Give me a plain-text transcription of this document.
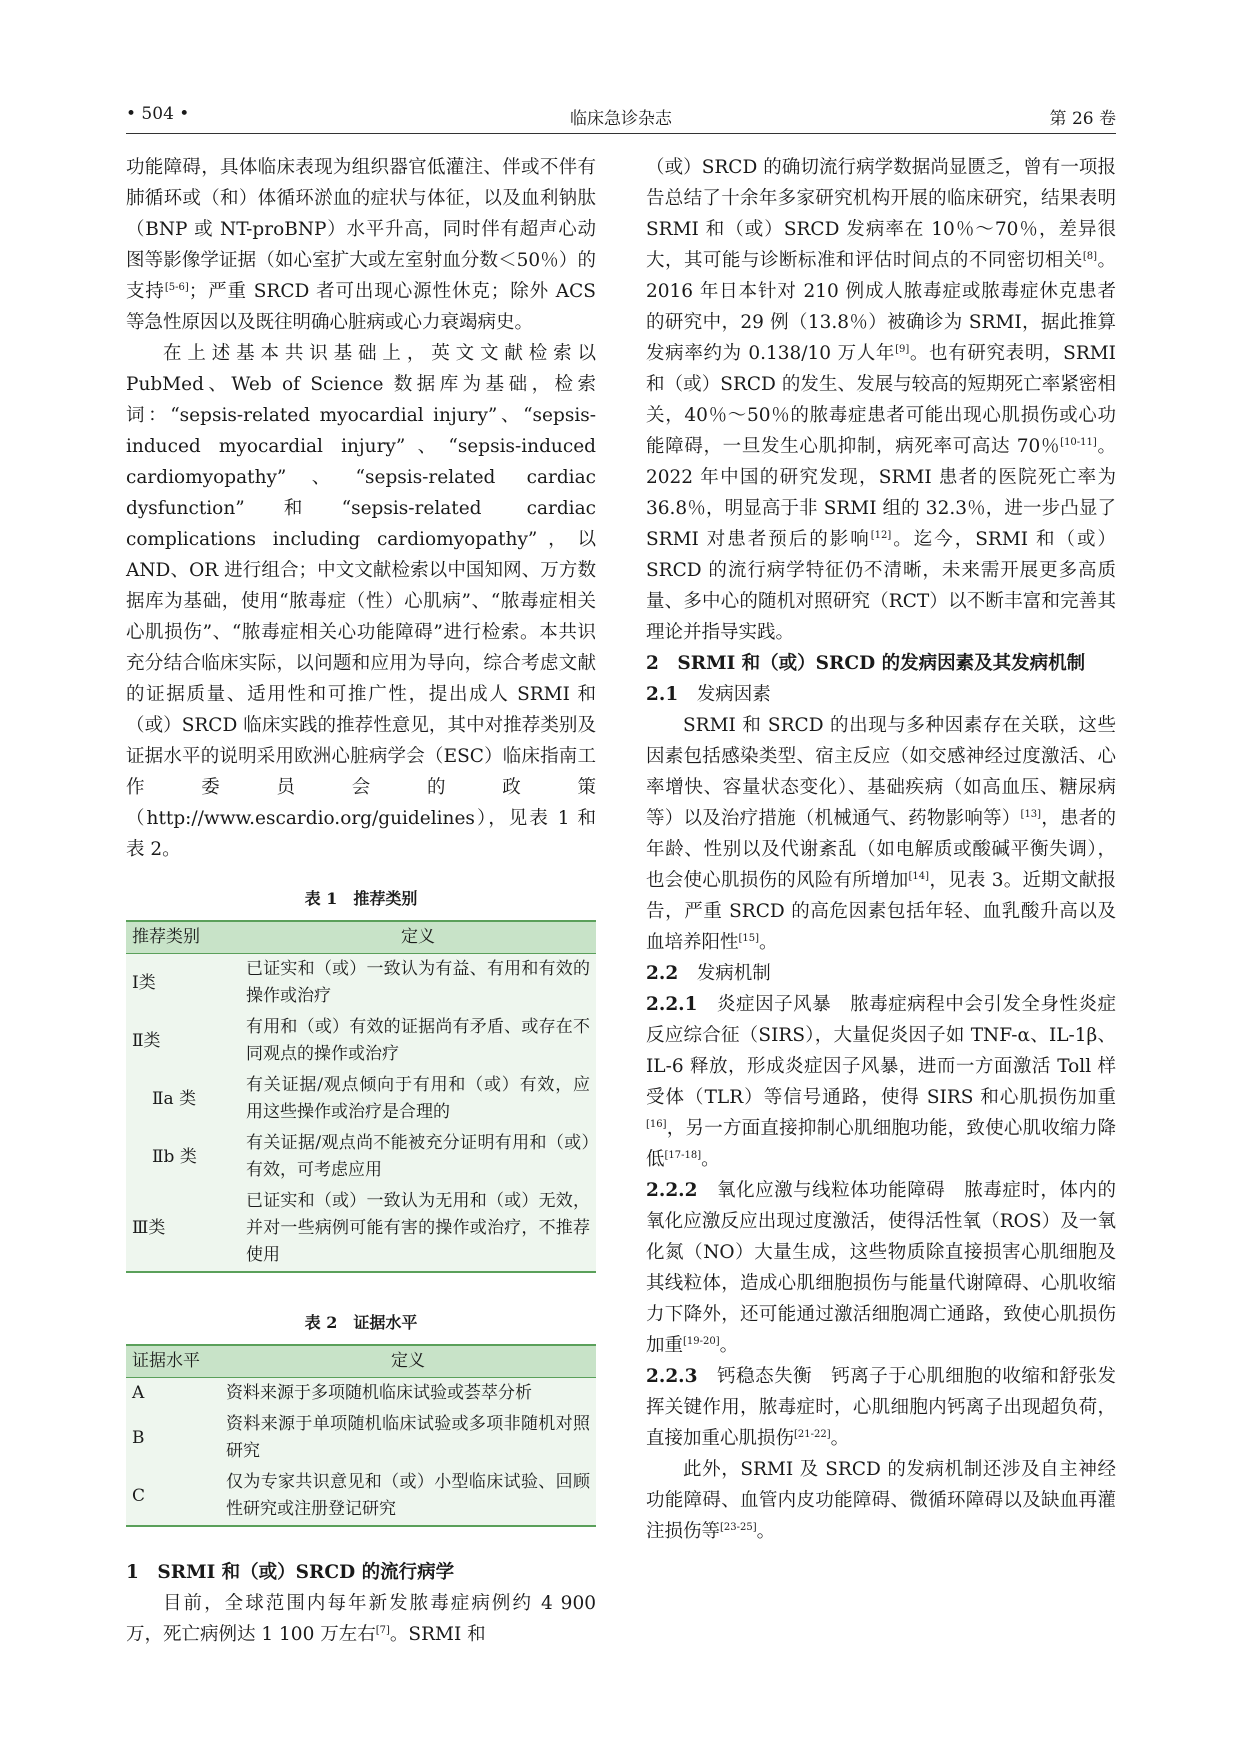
• 504 •	临床急诊杂志	第 26 卷

功能障碍，具体临床表现为组织器官低灌注、伴或不伴有肺循环或（和）体循环淤血的症状与体征，以及血利钠肽（BNP 或 NT-proBNP）水平升高，同时伴有超声心动图等影像学证据（如心室扩大或左室射血分数＜50％）的支持[5-6]；严重 SRCD 者可出现心源性休克；除外 ACS 等急性原因以及既往明确心脏病或心力衰竭病史。

在上述基本共识基础上，英文文献检索以 PubMed、Web of Science 数据库为基础，检索词：“sepsis-related myocardial injury”、“sepsis-induced myocardial injury”、“sepsis-induced cardiomyopathy”、“sepsis-related cardiac dysfunction”和“sepsis-related cardiac complications including cardiomyopathy”，以 AND、OR 进行组合；中文文献检索以中国知网、万方数据库为基础，使用“脓毒症（性）心肌病”、“脓毒症相关心肌损伤”、“脓毒症相关心功能障碍”进行检索。本共识充分结合临床实际，以问题和应用为导向，综合考虑文献的证据质量、适用性和可推广性，提出成人 SRMI 和（或）SRCD 临床实践的推荐性意见，其中对推荐类别及证据水平的说明采用欧洲心脏病学会（ESC）临床指南工作委员会的政策（http://www.escardio.org/guidelines），见表 1 和表 2。

表 1　推荐类别
推荐类别	定义
Ⅰ类	已证实和（或）一致认为有益、有用和有效的操作或治疗
Ⅱ类	有用和（或）有效的证据尚有矛盾、或存在不同观点的操作或治疗
Ⅱa 类	有关证据/观点倾向于有用和（或）有效，应用这些操作或治疗是合理的
Ⅱb 类	有关证据/观点尚不能被充分证明有用和（或）有效，可考虑应用
Ⅲ类	已证实和（或）一致认为无用和（或）无效，并对一些病例可能有害的操作或治疗，不推荐使用
表 2　证据水平
证据水平	定义
A	资料来源于多项随机临床试验或荟萃分析
B	资料来源于单项随机临床试验或多项非随机对照研究
C	仅为专家共识意见和（或）小型临床试验、回顾性研究或注册登记研究

1　SRMI 和（或）SRCD 的流行病学

目前，全球范围内每年新发脓毒症病例约 4 900 万，死亡病例达 1 100 万左右[7]。SRMI 和

（或）SRCD 的确切流行病学数据尚显匮乏，曾有一项报告总结了十余年多家研究机构开展的临床研究，结果表明 SRMI 和（或）SRCD 发病率在 10％～70％，差异很大，其可能与诊断标准和评估时间点的不同密切相关[8]。2016 年日本针对 210 例成人脓毒症或脓毒症休克患者的研究中，29 例（13.8％）被确诊为 SRMI，据此推算发病率约为 0.138/10 万人年[9]。也有研究表明，SRMI 和（或）SRCD 的发生、发展与较高的短期死亡率紧密相关，40％～50％的脓毒症患者可能出现心肌损伤或心功能障碍，一旦发生心肌抑制，病死率可高达 70％[10-11]。2022 年中国的研究发现，SRMI 患者的医院死亡率为 36.8％，明显高于非 SRMI 组的 32.3％，进一步凸显了 SRMI 对患者预后的影响[12]。迄今，SRMI 和（或）SRCD 的流行病学特征仍不清晰，未来需开展更多高质量、多中心的随机对照研究（RCT）以不断丰富和完善其理论并指导实践。

2　SRMI 和（或）SRCD 的发病因素及其发病机制

2.1　 发病因素

SRMI 和 SRCD 的出现与多种因素存在关联，这些因素包括感染类型、宿主反应（如交感神经过度激活、心率增快、容量状态变化）、基础疾病（如高血压、糖尿病等）以及治疗措施（机械通气、药物影响等）[13]，患者的年龄、性别以及代谢紊乱（如电解质或酸碱平衡失调），也会使心肌损伤的风险有所增加[14]，见表 3。近期文献报告，严重 SRCD 的高危因素包括年轻、血乳酸升高以及血培养阳性[15]。

2.2　 发病机制

2.2.1　 炎症因子风暴　 脓毒症病程中会引发全身性炎症反应综合征（SIRS），大量促炎因子如 TNF-α、IL-1β、IL-6 释放，形成炎症因子风暴，进而一方面激活 Toll 样受体（TLR）等信号通路，使得 SIRS 和心肌损伤加重[16]，另一方面直接抑制心肌细胞功能，致使心肌收缩力降低[17-18]。

2.2.2　 氧化应激与线粒体功能障碍　 脓毒症时，体内的氧化应激反应出现过度激活，使得活性氧（ROS）及一氧化氮（NO）大量生成，这些物质除直接损害心肌细胞及其线粒体，造成心肌细胞损伤与能量代谢障碍、心肌收缩力下降外，还可能通过激活细胞凋亡通路，致使心肌损伤加重[19-20]。

2.2.3　 钙稳态失衡　 钙离子于心肌细胞的收缩和舒张发挥关键作用，脓毒症时，心肌细胞内钙离子出现超负荷，直接加重心肌损伤[21-22]。

此外，SRMI 及 SRCD 的发病机制还涉及自主神经功能障碍、血管内皮功能障碍、微循环障碍以及缺血再灌注损伤等[23-25]。
